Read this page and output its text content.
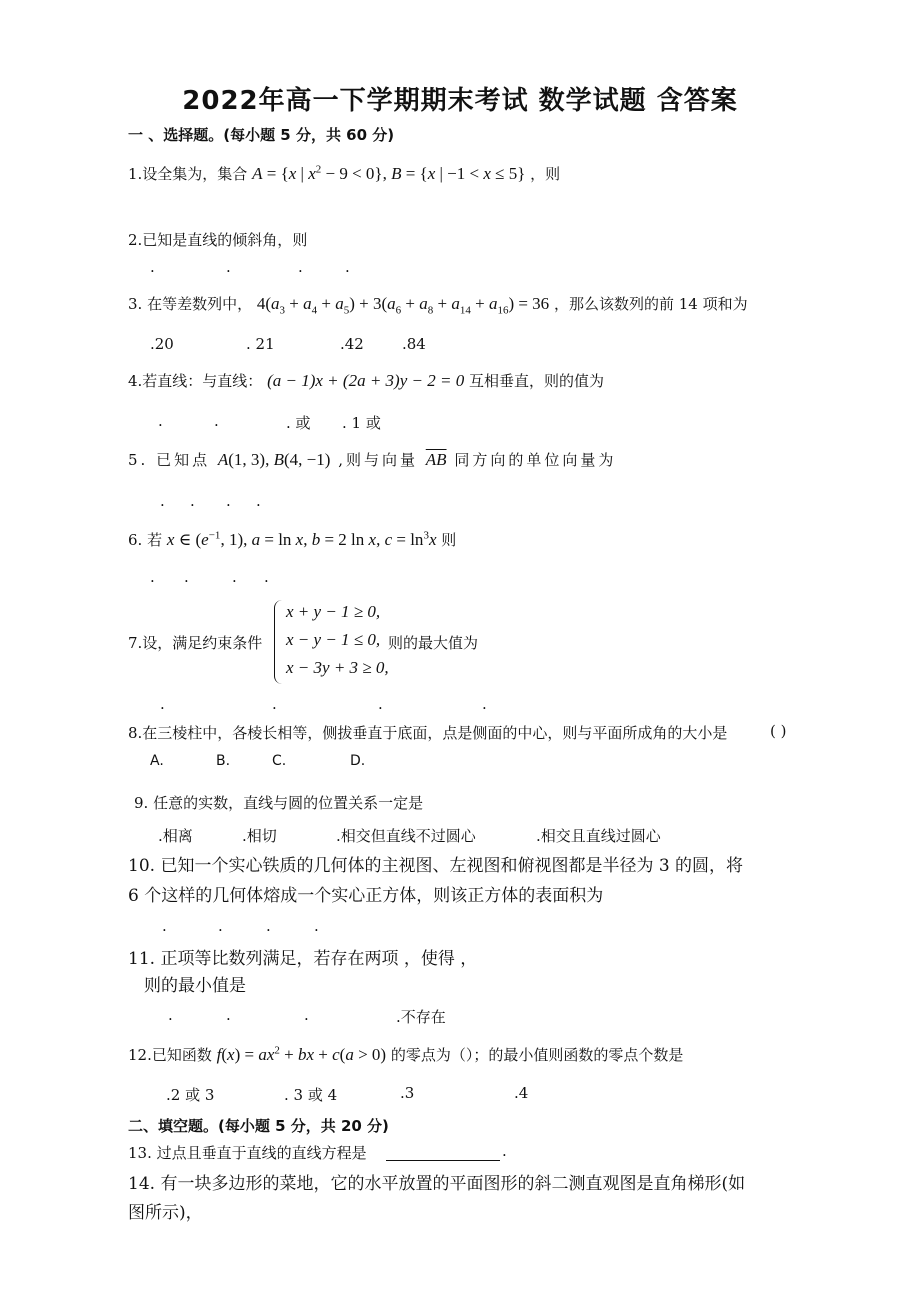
2022年高一下学期期末考试 数学试题 含答案
一 、选择题。(每小题 5 分，共 60 分)
1.设全集为，集合 A = {x | $x^2 - 9 < 0$}, B = {x | −1 < x ≤ 5} ，则
2.已知是直线的倾斜角，则
.	.	.	.
3. 在等差数列中， $4(a_3 + a_4 + a_5) + 3(a_6 + a_8 + a_{14} + a_{16}) = 36$ ，那么该数列的前 14 项和为
.20	. 21	.42	.84
4.若直线：与直线： (a − 1)x + (2a + 3)y − 2 = 0 互相垂直，则的值为
.	.	. 或 . 1 或
5. 已知点 A(1, 3), B(4, −1) ,则与向量 $\overline{AB}$ 同方向的单位向量为
. . . .
6. 若 x ∈ ($e^{-1}$, 1), a = ln x, b = 2 ln x, $c = \ln^3x$ 则
. .	. .
7.设，满足约束条件
x + y − 1 ≥ 0,
x − y − 1 ≤ 0,
x − 3y + 3 ≥ 0,
则的最大值为
.	.	.	.
8.在三棱柱中，各棱长相等，侧拔垂直于底面，点是侧面的中心，则与平面所成角的大小是	( )
A.	B.	C.	D.
9. 任意的实数，直线与圆的位置关系一定是
.相离	.相切	.相交但直线不过圆心	.相交且直线过圆心
10. 已知一个实心铁质的几何体的主视图、左视图和俯视图都是半径为 3 的圆，将
6 个这样的几何体熔成一个实心正方体，则该正方体的表面积为
.	.	.	.
11. 正项等比数列满足，若存在两项 ，使得 ，
则的最小值是
.	.	.	.不存在
12.已知函数 $f(x) = ax^2$ + bx + c(a > 0) 的零点为（）；的最小值则函数的零点个数是
.2 或 3	. 3 或 4	.3	.4
二、填空题。(每小题 5 分，共 20 分)
13. 过点且垂直于直线的直线方程是	.
14. 有一块多边形的菜地，它的水平放置的平面图形的斜二测直观图是直角梯形(如
图所示)，
